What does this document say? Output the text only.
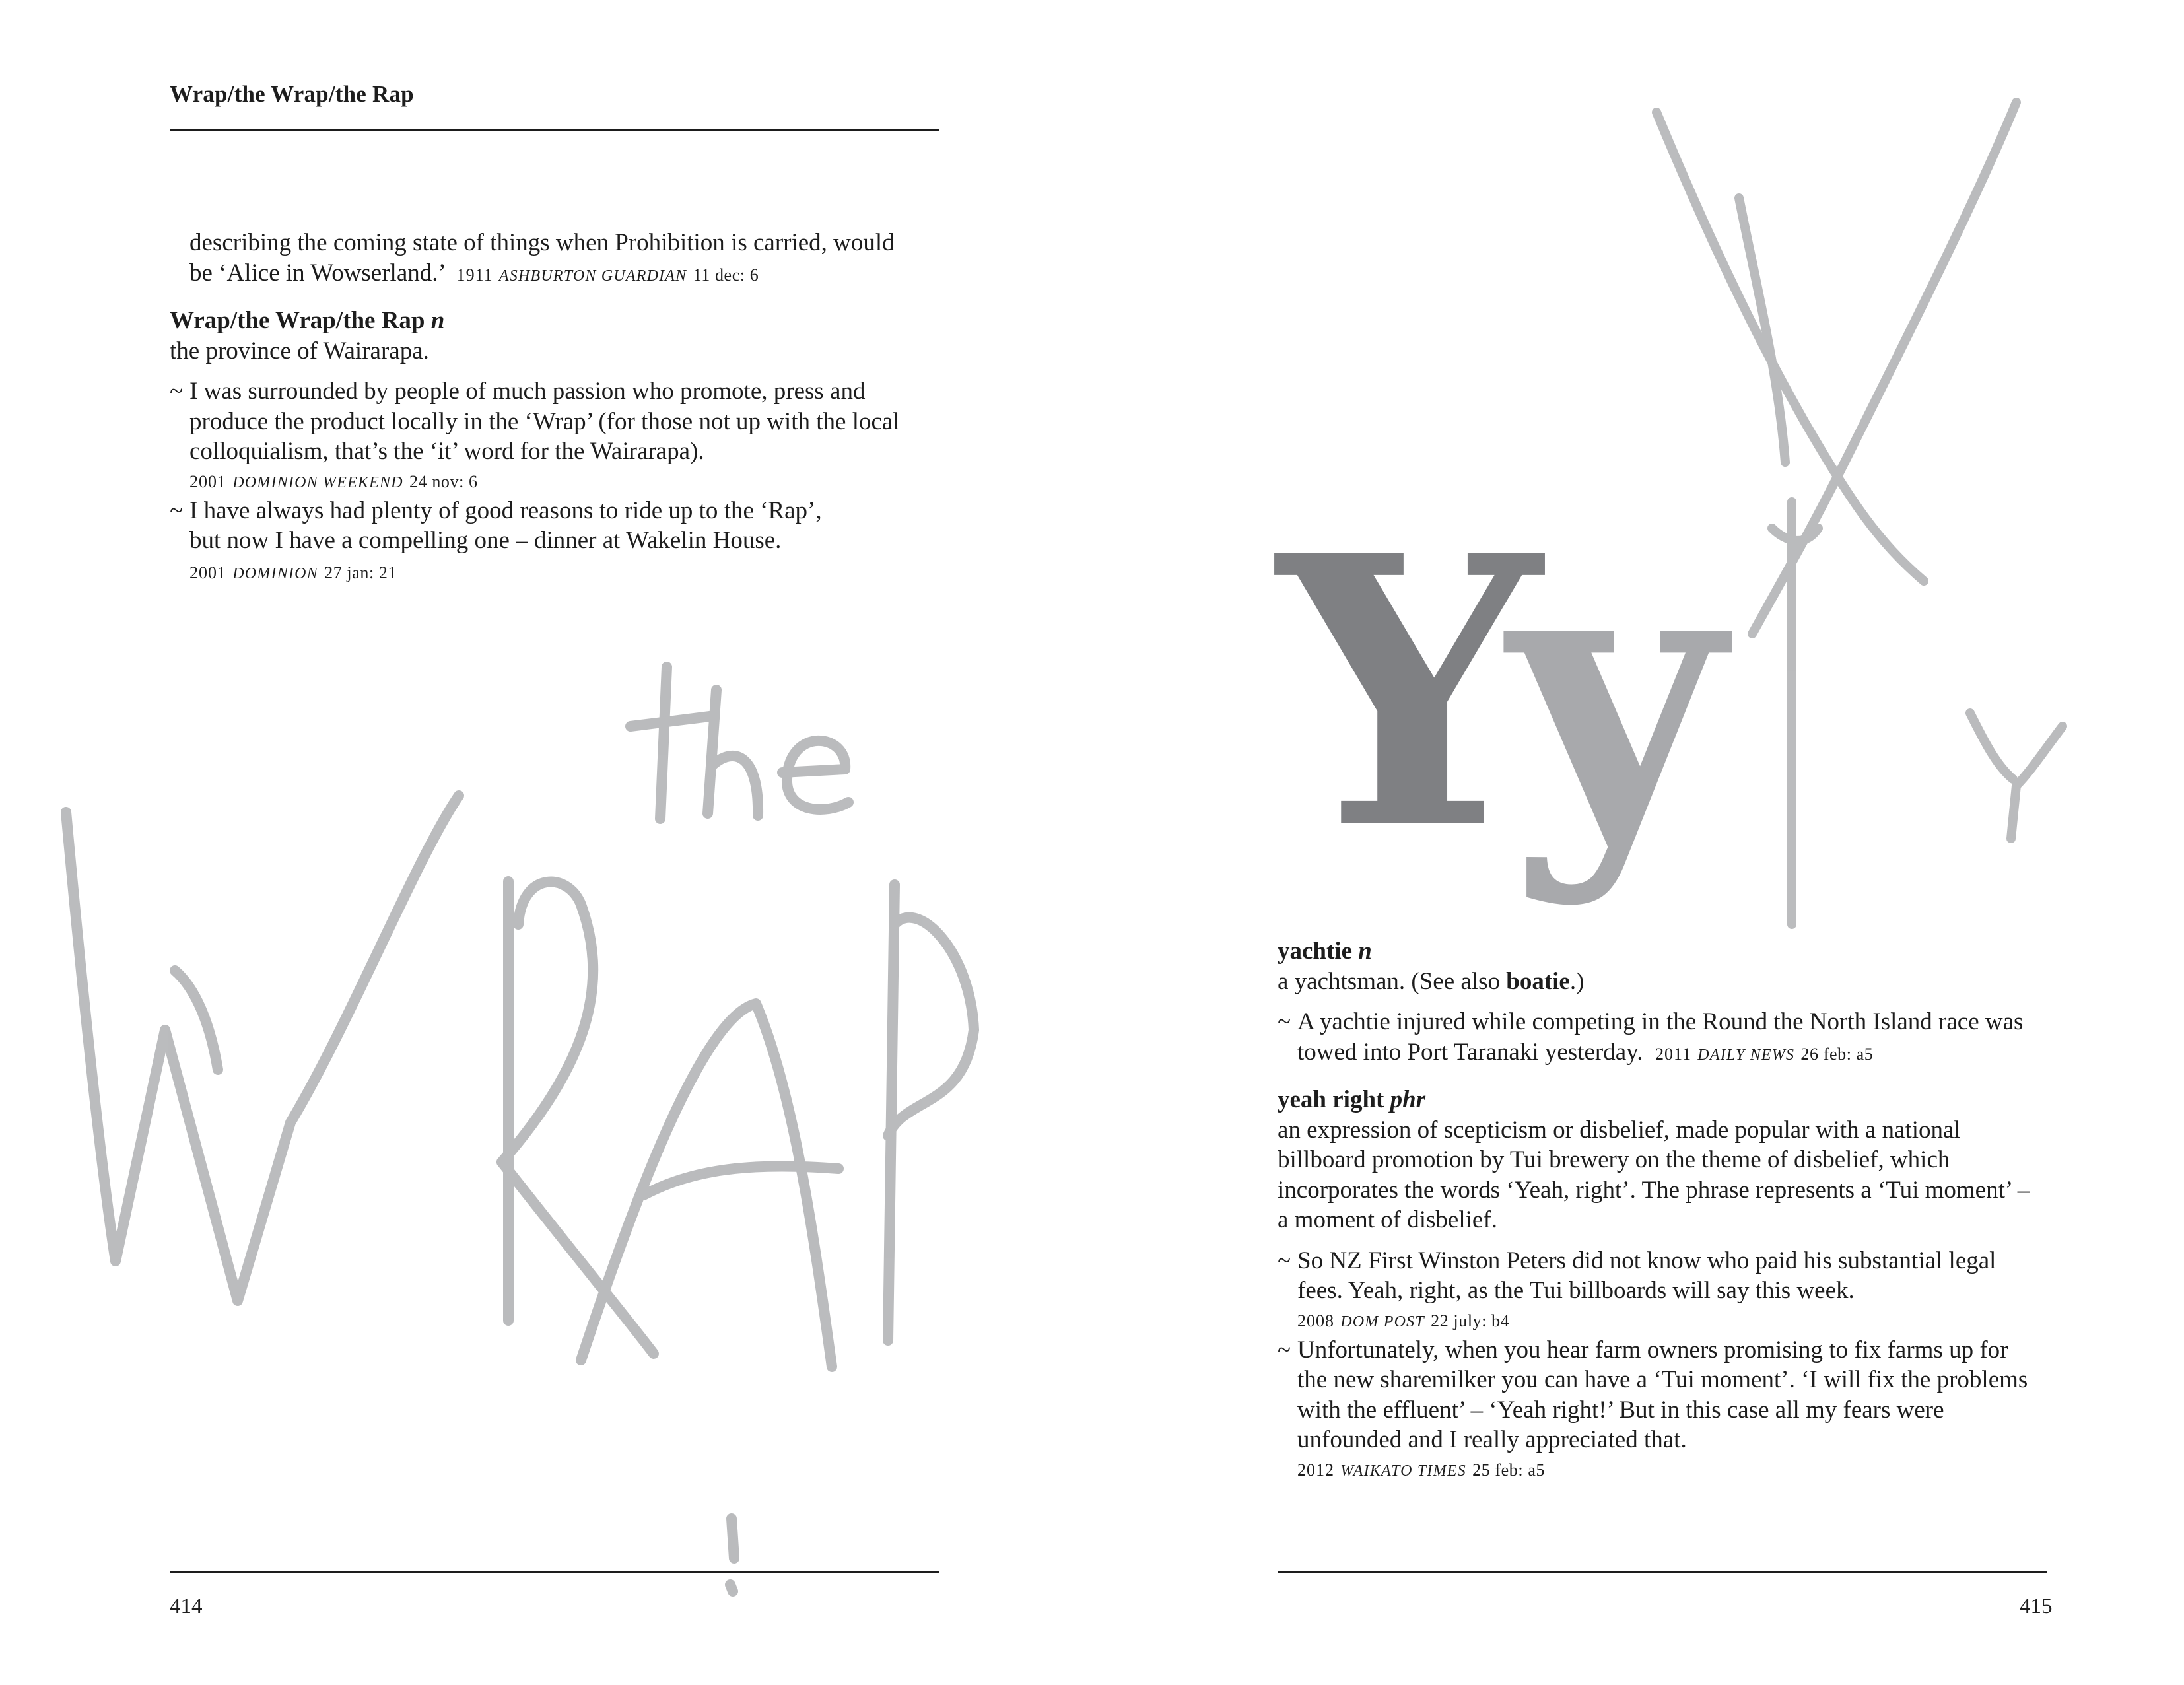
Wrap/the Wrap/the Rap
describing the coming state of things when Prohibition is carried, would be ‘Alice in Wowserland.’ 1911 ASHBURTON GUARDIAN 11 dec: 6
Wrap/the Wrap/the Rap n
the province of Wairarapa.
~ I was surrounded by people of much passion who promote, press and produce the product locally in the ‘Wrap’ (for those not up with the local colloquialism, that’s the ‘it’ word for the Wairarapa).
2001 DOMINION WEEKEND 24 nov: 6
~ I have always had plenty of good reasons to ride up to the ‘Rap’, but now I have a compelling one – dinner at Wakelin House.  2001 DOMINION 27 jan: 21
414
Yy
yachtie n
a yachtsman. (See also boatie.)
~ A yachtie injured while competing in the Round the North Island race was towed into Port Taranaki yesterday. 2011 DAILY NEWS 26 feb: a5
yeah right phr
an expression of scepticism or disbelief, made popular with a national billboard promotion by Tui brewery on the theme of disbelief, which incorporates the words ‘Yeah, right’. The phrase represents a ‘Tui moment’ – a moment of disbelief.
~ So NZ First Winston Peters did not know who paid his substantial legal fees. Yeah, right, as the Tui billboards will say this week.
2008 DOM POST 22 july: b4
~ Unfortunately, when you hear farm owners promising to fix farms up for the new sharemilker you can have a ‘Tui moment’. ‘I will fix the problems with the effluent’ – ‘Yeah right!’ But in this case all my fears were unfounded and I really appreciated that.
2012 WAIKATO TIMES 25 feb: a5
415
